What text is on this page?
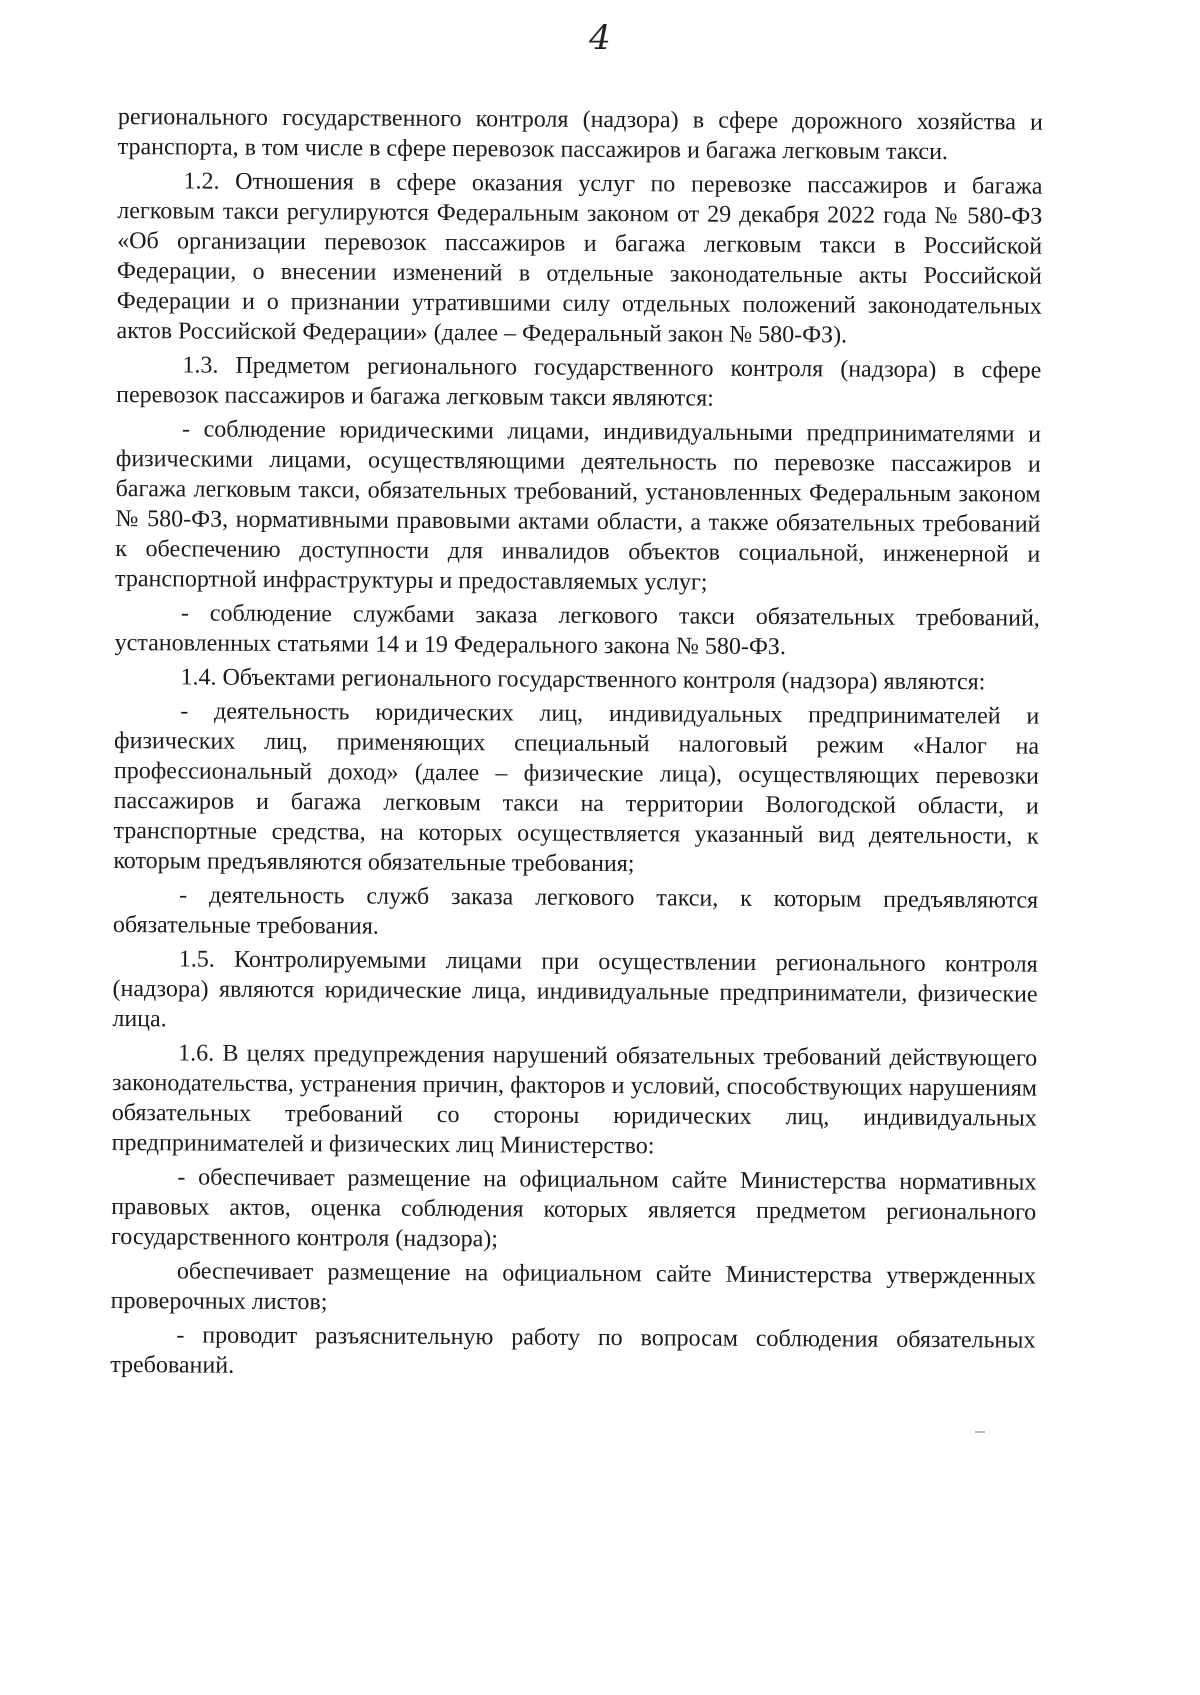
4

регионального государственного контроля (надзора) в сфере дорожного хозяйства и транспорта, в том числе в сфере перевозок пассажиров и багажа легковым такси.

1.2. Отношения в сфере оказания услуг по перевозке пассажиров и багажа легковым такси регулируются Федеральным законом от 29 декабря 2022 года № 580-ФЗ «Об организации перевозок пассажиров и багажа легковым такси в Российской Федерации, о внесении изменений в отдельные законодательные акты Российской Федерации и о признании утратившими силу отдельных положений законодательных актов Российской Федерации» (далее – Федеральный закон № 580-ФЗ).

1.3. Предметом регионального государственного контроля (надзора) в сфере перевозок пассажиров и багажа легковым такси являются:

- соблюдение юридическими лицами, индивидуальными предпринимателями и физическими лицами, осуществляющими деятельность по перевозке пассажиров и багажа легковым такси, обязательных требований, установленных Федеральным законом № 580-ФЗ, нормативными правовыми актами области, а также обязательных требований к обеспечению доступности для инвалидов объектов социальной, инженерной и транспортной инфраструктуры и предоставляемых услуг;

- соблюдение службами заказа легкового такси обязательных требований, установленных статьями 14 и 19 Федерального закона № 580-ФЗ.

1.4. Объектами регионального государственного контроля (надзора) являются:

- деятельность юридических лиц, индивидуальных предпринимателей и физических лиц, применяющих специальный налоговый режим «Налог на профессиональный доход» (далее – физические лица), осуществляющих перевозки пассажиров и багажа легковым такси на территории Вологодской области, и транспортные средства, на которых осуществляется указанный вид деятельности, к которым предъявляются обязательные требования;

- деятельность служб заказа легкового такси, к которым предъявляются обязательные требования.

1.5. Контролируемыми лицами при осуществлении регионального контроля (надзора) являются юридические лица, индивидуальные предприниматели, физические лица.

1.6. В целях предупреждения нарушений обязательных требований действующего законодательства, устранения причин, факторов и условий, способствующих нарушениям обязательных требований со стороны юридических лиц, индивидуальных предпринимателей и физических лиц Министерство:

- обеспечивает размещение на официальном сайте Министерства нормативных правовых актов, оценка соблюдения которых является предметом регионального государственного контроля (надзора);

обеспечивает размещение на официальном сайте Министерства утвержденных проверочных листов;

- проводит разъяснительную работу по вопросам соблюдения обязательных требований.
